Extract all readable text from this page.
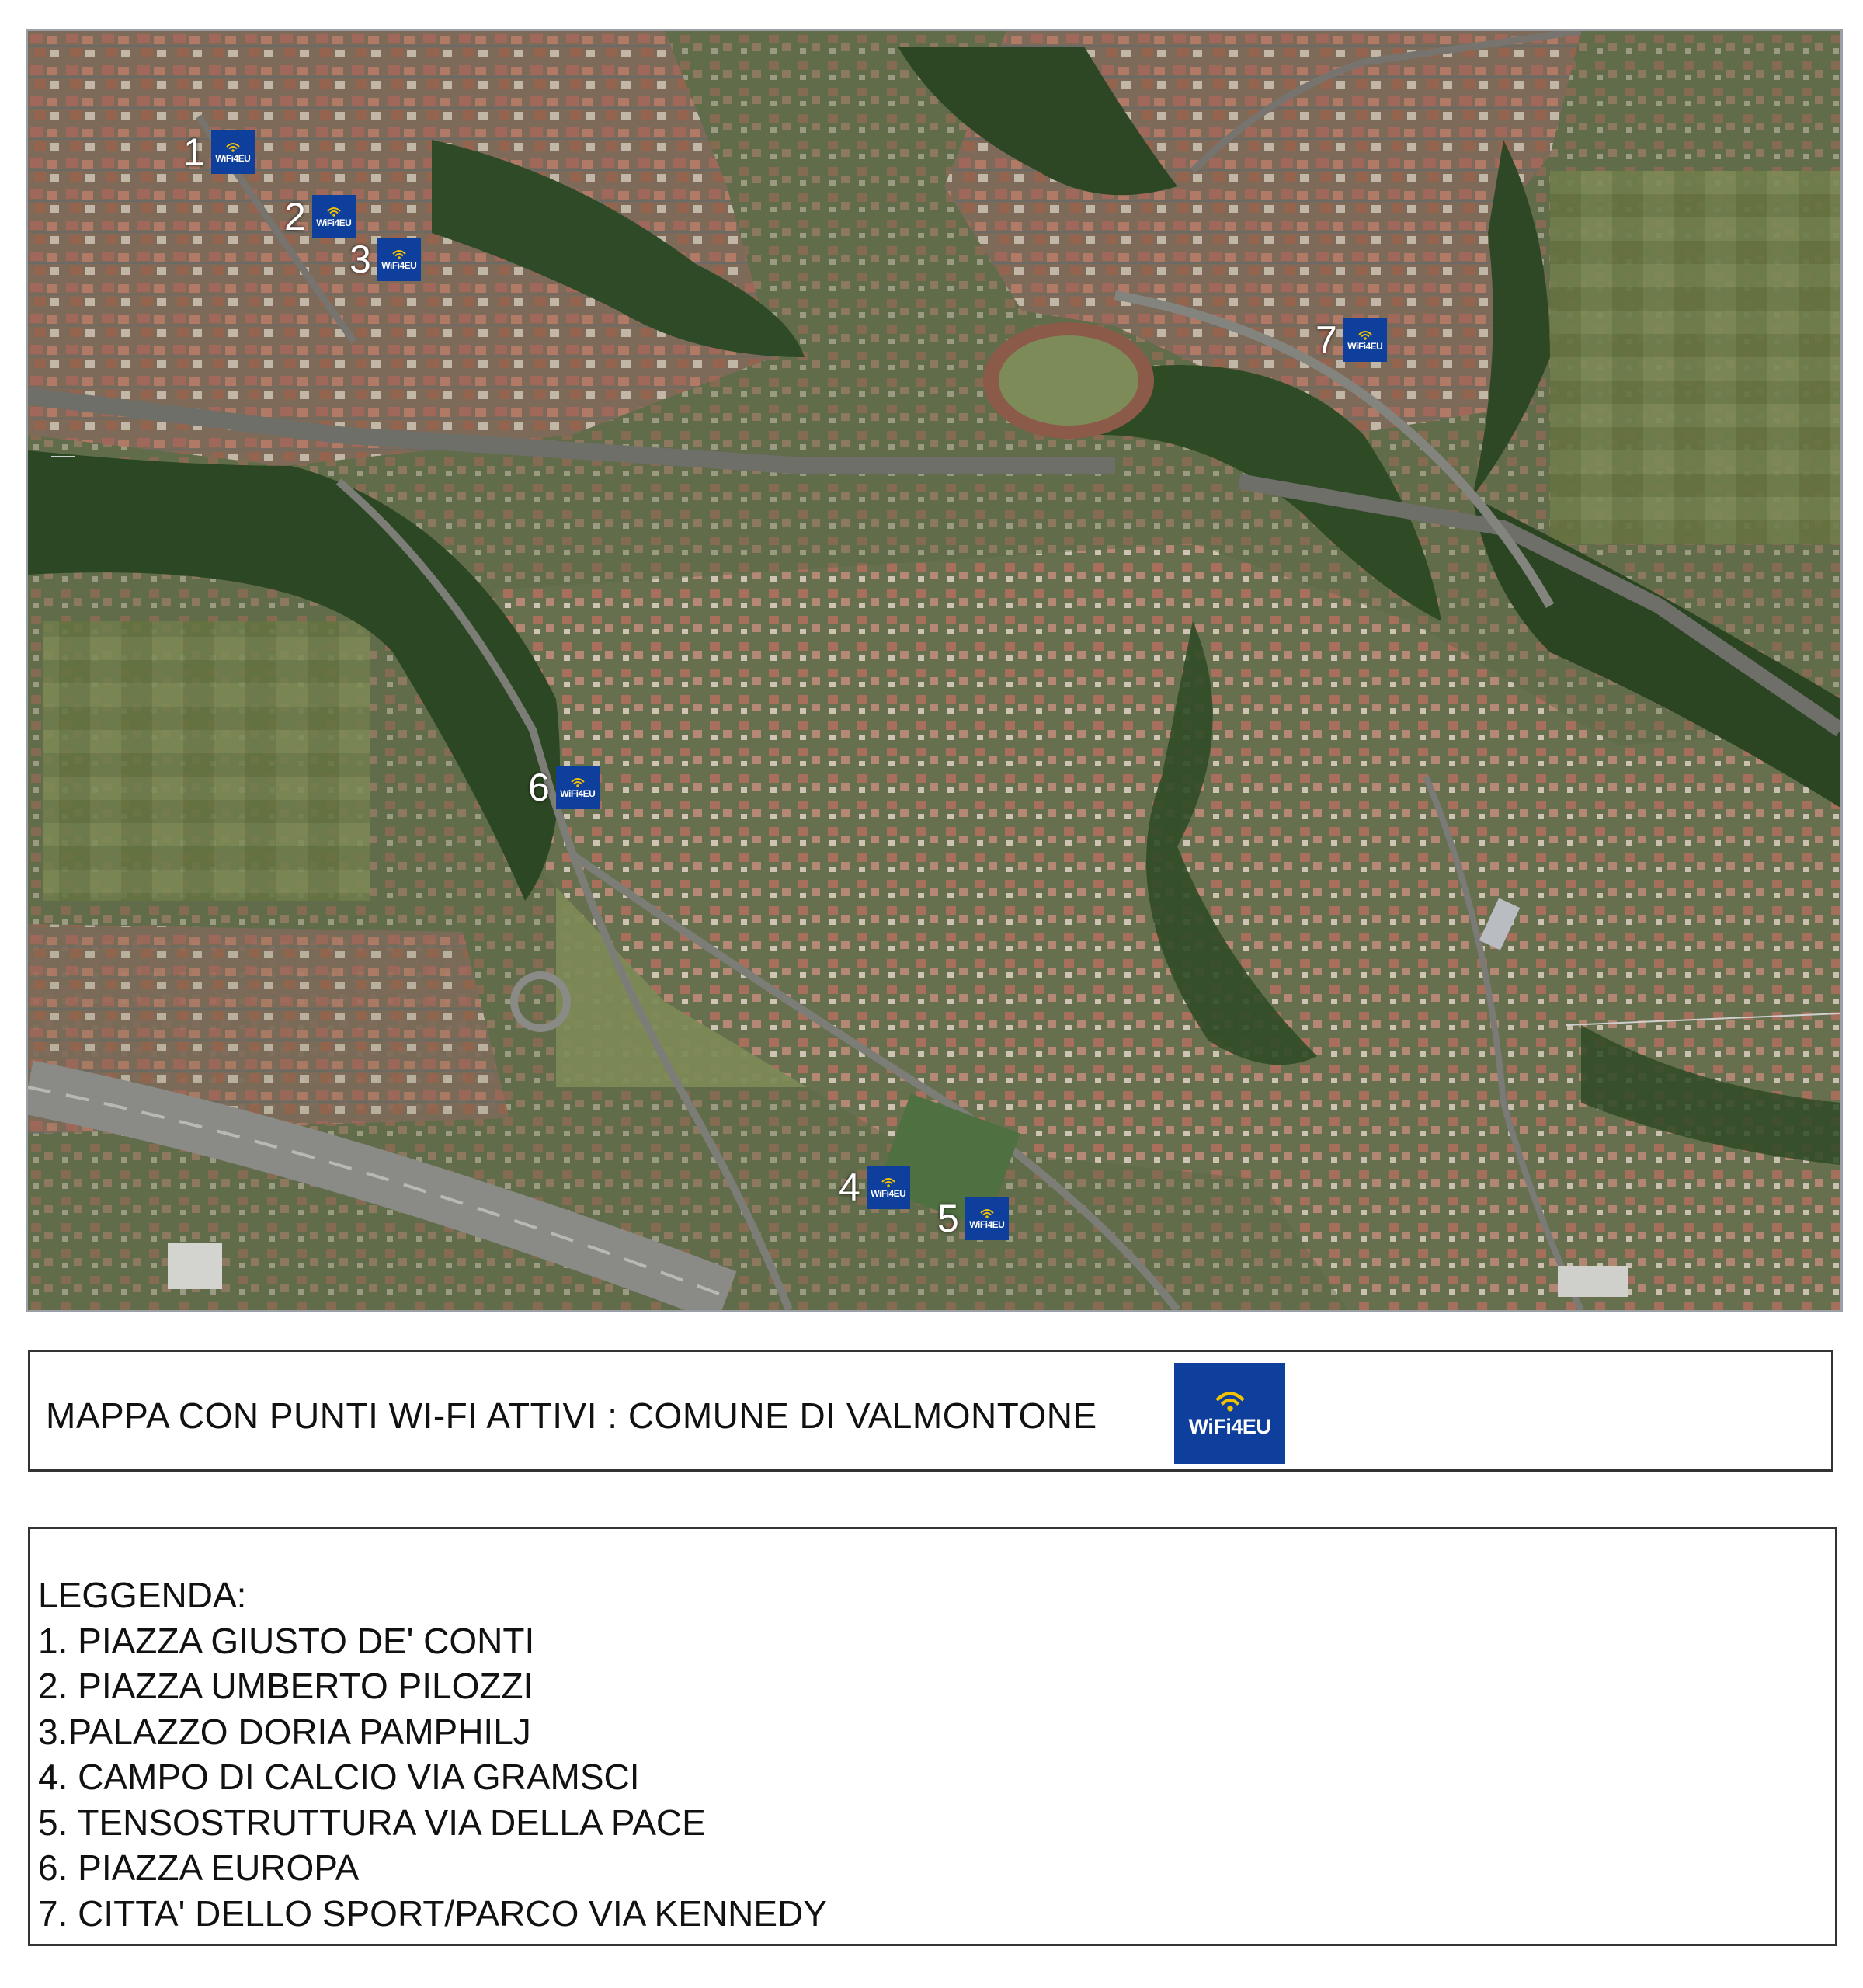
1 WiFi4EU
2 WiFi4EU
3 WiFi4EU
4 WiFi4EU
5 WiFi4EU
6 WiFi4EU
7 WiFi4EU
MAPPA CON PUNTI WI-FI ATTIVI : COMUNE DI VALMONTONE	WiFi4EU
LEGGENDA:
1. PIAZZA GIUSTO DE' CONTI
2. PIAZZA UMBERTO PILOZZI
3.PALAZZO DORIA PAMPHILJ
4. CAMPO DI CALCIO VIA GRAMSCI
5. TENSOSTRUTTURA VIA DELLA PACE
6. PIAZZA EUROPA
7. CITTA' DELLO SPORT/PARCO VIA KENNEDY
